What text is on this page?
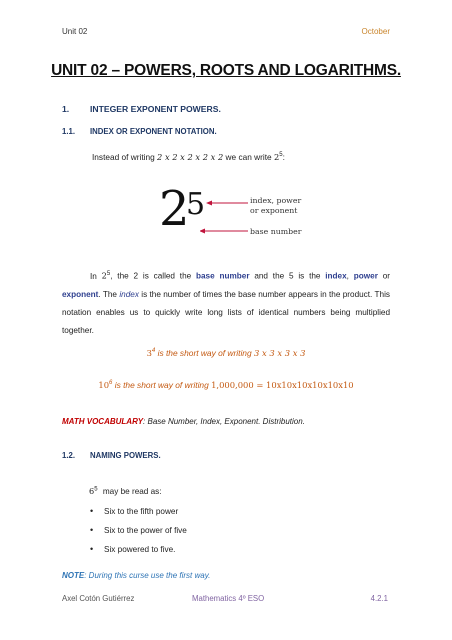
Unit 02	October
UNIT 02 – POWERS, ROOTS AND LOGARITHMS.
1. INTEGER EXPONENT POWERS.
1.1. INDEX OR EXPONENT NOTATION.
Instead of writing 2 x 2 x 2 x 2 x 2 we can write $2^5$:
2
5	index, power
or exponent
base number
In $2^5$, the 2 is called the base number and the 5 is the index, power or exponent. The index is the number of times the base number appears in the product. This notation enables us to quickly write long lists of identical numbers being multiplied together.
$3^4$ is the short way of writing 3 x 3 x 3 x 3
$10^6$ is the short way of writing 1,000,000 = 10x10x10x10x10x10
MATH VOCABULARY: Base Number, Index, Exponent. Distribution.
1.2. NAMING POWERS.
$6^5$ may be read as:
• Six to the fifth power
• Six to the power of five
• Six powered to five.
NOTE: During this curse use the first way.
Axel Cotón Gutiérrez	Mathematics 4º ESO	4.2.1
